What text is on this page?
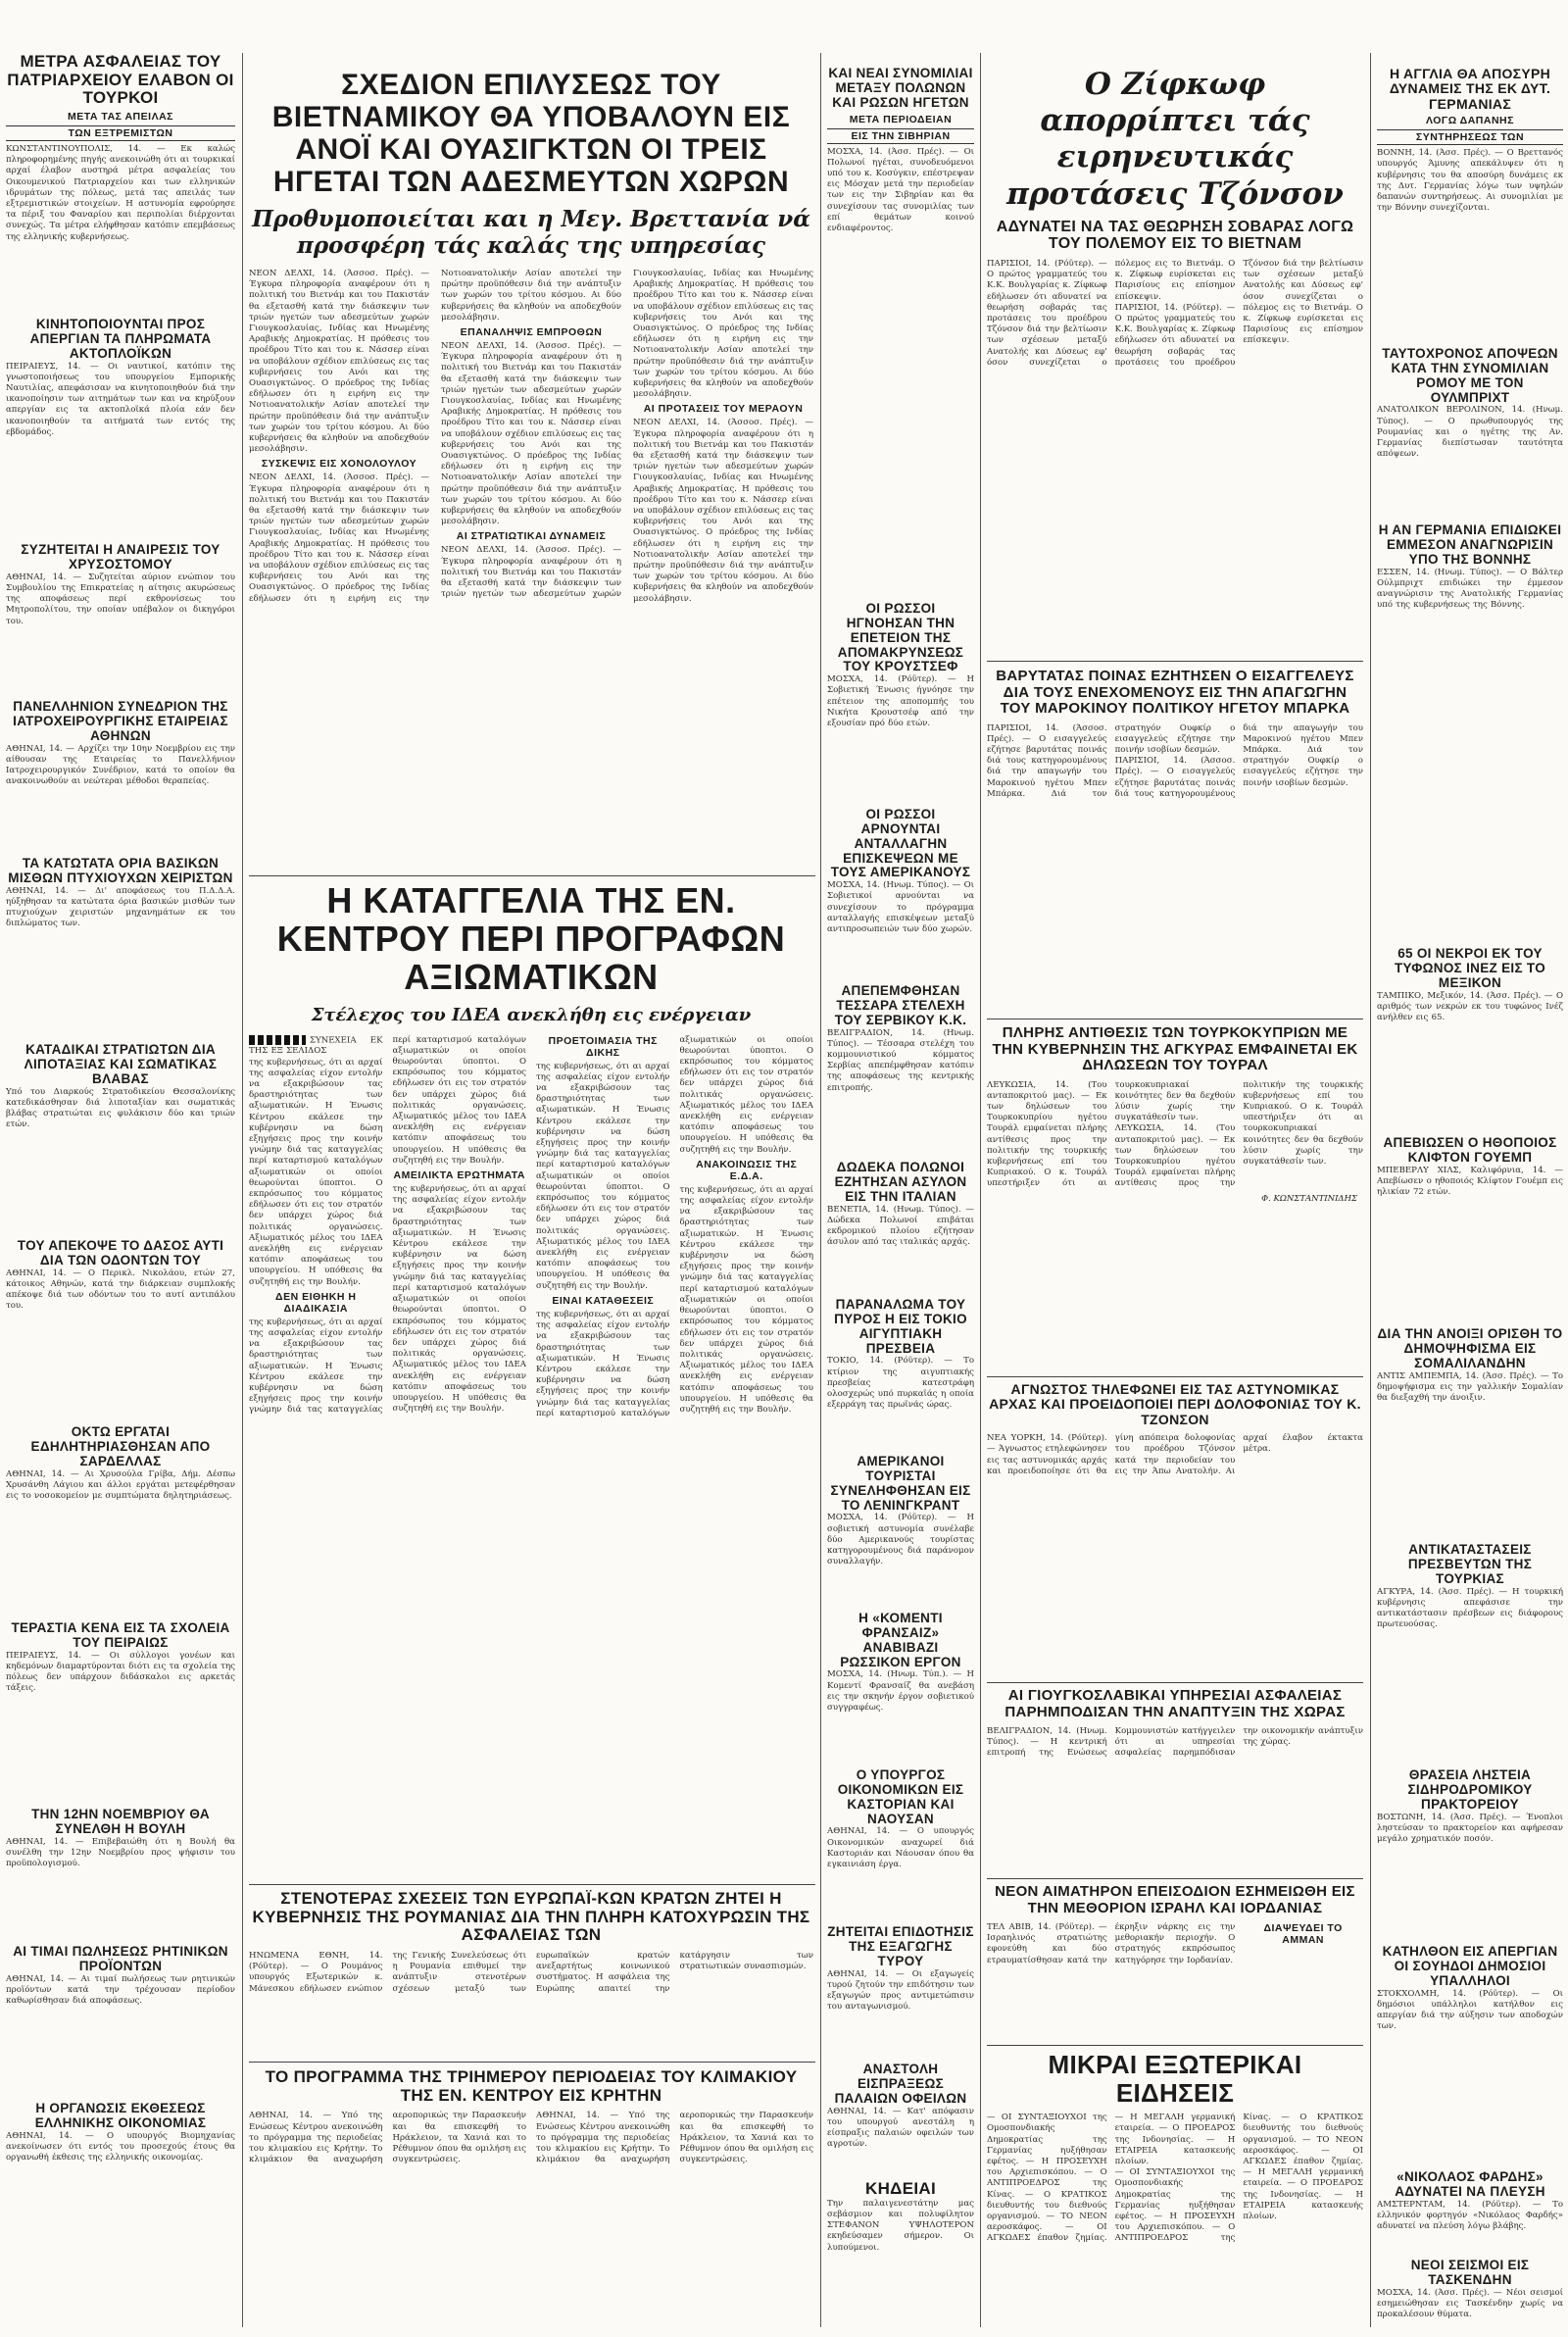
ΜΕΤΡΑ ΑΣΦΑΛΕΙΑΣ ΤΟΥ ΠΑΤΡΙΑΡΧΕΙΟΥ ΕΛΑΒΟΝ ΟΙ ΤΟΥΡΚΟΙ

ΜΕΤΑ ΤΑΣ ΑΠΕΙΛΑΣ

ΤΩΝ ΕΞΤΡΕΜΙΣΤΩΝ

ΚΩΝΣΤΑΝΤΙΝΟΥΠΟΛΙΣ, 14. — Εκ καλώς πληροφορημένης πηγής ανεκοινώθη ότι αι τουρκικαί αρχαί έλαβον αυστηρά μέτρα ασφαλείας του Οικουμενικού Πατριαρχείου και των ελληνικών ιδρυμάτων της πόλεως, μετά τας απειλάς των εξτρεμιστικών στοιχείων. Η αστυνομία εφρούρησε τα πέριξ του Φαναρίου και περιπολίαι διέρχονται συνεχώς. Τα μέτρα ελήφθησαν κατόπιν επεμβάσεως της ελληνικής κυβερνήσεως.

ΚΙΝΗΤΟΠΟΙΟΥΝΤΑΙ ΠΡΟΣ ΑΠΕΡΓΙΑΝ ΤΑ ΠΛΗΡΩΜΑΤΑ ΑΚΤΟΠΛΟΪΚΩΝ

ΠΕΙΡΑΙΕΥΣ, 14. — Οι ναυτικοί, κατόπιν της γνωστοποιήσεως του υπουργείου Εμπορικής Ναυτιλίας, απεφάσισαν να κινητοποιηθούν διά την ικανοποίησιν των αιτημάτων των και να κηρύξουν απεργίαν εις τα ακτοπλοϊκά πλοία εάν δεν ικανοποιηθούν τα αιτήματά των εντός της εβδομάδος.

ΣΥΖΗΤΕΙΤΑΙ Η ΑΝΑΙΡΕΣΙΣ ΤΟΥ ΧΡΥΣΟΣΤΟΜΟΥ

ΑΘΗΝΑΙ, 14. — Συζητείται αύριον ενώπιον του Συμβουλίου της Επικρατείας η αίτησις ακυρώσεως της αποφάσεως περί εκθρονίσεως του Μητροπολίτου, την οποίαν υπέβαλον οι δικηγόροι του.

ΠΑΝΕΛΛΗΝΙΟΝ ΣΥΝΕΔΡΙΟΝ ΤΗΣ ΙΑΤΡΟΧΕΙΡΟΥΡΓΙΚΗΣ ΕΤΑΙΡΕΙΑΣ ΑΘΗΝΩΝ

ΑΘΗΝΑΙ, 14. — Αρχίζει την 10ην Νοεμβρίου εις την αίθουσαν της Εταιρείας το Πανελλήνιον Ιατροχειρουργικόν Συνέδριον, κατά το οποίον θα ανακοινωθούν αι νεώτεραι μέθοδοι θεραπείας.

ΤΑ ΚΑΤΩΤΑΤΑ ΟΡΙΑ ΒΑΣΙΚΩΝ ΜΙΣΘΩΝ ΠΤΥΧΙΟΥΧΩΝ ΧΕΙΡΙΣΤΩΝ

ΑΘΗΝΑΙ, 14. — Δι' αποφάσεως του Π.Δ.Δ.Α. ηύξηθησαν τα κατώτατα όρια βασικών μισθών των πτυχιούχων χειριστών μηχανημάτων εκ του διπλώματος των.

ΚΑΤΑΔΙΚΑΙ ΣΤΡΑΤΙΩΤΩΝ ΔΙΑ ΛΙΠΟΤΑΞΙΑΣ ΚΑΙ ΣΩΜΑΤΙΚΑΣ ΒΛΑΒΑΣ

Υπό του Διαρκούς Στρατοδικείου Θεσσαλονίκης κατεδικάσθησαν διά λιποταξίαν και σωματικάς βλάβας στρατιώται εις φυλάκισιν δύο και τριών ετών.

ΤΟΥ ΑΠΕΚΟΨΕ ΤΟ ΔΑΣΟΣ ΑΥΤΙ ΔΙΑ ΤΩΝ ΟΔΟΝΤΩΝ ΤΟΥ

ΑΘΗΝΑΙ, 14. — Ο Περικλ. Νικολάου, ετών 27, κάτοικος Αθηνών, κατά την διάρκειαν συμπλοκής απέκοψε διά των οδόντων του το αυτί αντιπάλου του.

ΟΚΤΩ ΕΡΓΑΤΑΙ ΕΔΗΛΗΤΗΡΙΑΣΘΗΣΑΝ ΑΠΟ ΣΑΡΔΕΛΛΑΣ

ΑΘΗΝΑΙ, 14. — Αι Χρυσούλα Γρίβα, Δήμ. Δέσπω Χρυσάνθη Λάγιου και άλλοι εργάται μετεφέρθησαν εις το νοσοκομείον με συμπτώματα δηλητηριάσεως.

ΤΕΡΑΣΤΙΑ ΚΕΝΑ ΕΙΣ ΤΑ ΣΧΟΛΕΙΑ ΤΟΥ ΠΕΙΡΑΙΩΣ

ΠΕΙΡΑΙΕΥΣ, 14. — Οι σύλλογοι γονέων και κηδεμόνων διαμαρτύρονται διότι εις τα σχολεία της πόλεως δεν υπάρχουν διδάσκαλοι εις αρκετάς τάξεις.

ΤΗΝ 12ΗΝ ΝΟΕΜΒΡΙΟΥ ΘΑ ΣΥΝΕΛΘΗ Η ΒΟΥΛΗ

ΑΘΗΝΑΙ, 14. — Επιβεβαιώθη ότι η Βουλή θα συνέλθη την 12ην Νοεμβρίου προς ψήφισιν του προϋπολογισμού.

ΑΙ ΤΙΜΑΙ ΠΩΛΗΣΕΩΣ ΡΗΤΙΝΙΚΩΝ ΠΡΟΪΟΝΤΩΝ

ΑΘΗΝΑΙ, 14. — Αι τιμαί πωλήσεως των ρητινικών προϊόντων κατά την τρέχουσαν περίοδον καθωρίσθησαν διά αποφάσεως.

Η ΟΡΓΑΝΩΣΙΣ ΕΚΘΕΣΕΩΣ ΕΛΛΗΝΙΚΗΣ ΟΙΚΟΝΟΜΙΑΣ

ΑΘΗΝΑΙ, 14. — Ο υπουργός Βιομηχανίας ανεκοίνωσεν ότι εντός του προσεχούς έτους θα οργανωθή έκθεσις της ελληνικής οικονομίας.

ΣΧΕΔΙΟΝ ΕΠΙΛΥΣΕΩΣ ΤΟΥ ΒΙΕΤΝΑΜΙΚΟΥ ΘΑ ΥΠΟΒΑΛΟΥΝ ΕΙΣ ΑΝΟΪ ΚΑΙ ΟΥΑΣΙΓΚΤΩΝ ΟΙ ΤΡΕΙΣ ΗΓΕΤΑΙ ΤΩΝ ΑΔΕΣΜΕΥΤΩΝ ΧΩΡΩΝ

Προθυμοποιείται και η Μεγ. Βρεττανία νά προσφέρη τάς καλάς της υπηρεσίας

ΝΕΟΝ ΔΕΛΧΙ, 14. (Άσσοσ. Πρές). — Έγκυρα πληροφορία αναφέρουν ότι η πολιτική του Βιετνάμ και του Πακιστάν θα εξετασθή κατά την διάσκεψιν των τριών ηγετών των αδεσμεύτων χωρών Γιουγκοσλαυίας, Ινδίας και Ηνωμένης Αραβικής Δημοκρατίας. Η πρόθεσις του προέδρου Τίτο και του κ. Νάσσερ είναι να υποβάλουν σχέδιον επιλύσεως εις τας κυβερνήσεις του Ανόι και της Ουασιγκτώνος. Ο πρόεδρος της Ινδίας εδήλωσεν ότι η ειρήνη εις την Νοτιοανατολικήν Ασίαν αποτελεί την πρώτην προϋπόθεσιν διά την ανάπτυξιν των χωρών του τρίτου κόσμου. Αι δύο κυβερνήσεις θα κληθούν να αποδεχθούν μεσολάβησιν.

ΣΥΣΚΕΨΙΣ ΕΙΣ ΧΟΝΟΛΟΥΛΟΥ

ΝΕΟΝ ΔΕΛΧΙ, 14. (Άσσοσ. Πρές). — Έγκυρα πληροφορία αναφέρουν ότι η πολιτική του Βιετνάμ και του Πακιστάν θα εξετασθή κατά την διάσκεψιν των τριών ηγετών των αδεσμεύτων χωρών Γιουγκοσλαυίας, Ινδίας και Ηνωμένης Αραβικής Δημοκρατίας. Η πρόθεσις του προέδρου Τίτο και του κ. Νάσσερ είναι να υποβάλουν σχέδιον επιλύσεως εις τας κυβερνήσεις του Ανόι και της Ουασιγκτώνος. Ο πρόεδρος της Ινδίας εδήλωσεν ότι η ειρήνη εις την Νοτιοανατολικήν Ασίαν αποτελεί την πρώτην προϋπόθεσιν διά την ανάπτυξιν των χωρών του τρίτου κόσμου. Αι δύο κυβερνήσεις θα κληθούν να αποδεχθούν μεσολάβησιν.

ΕΠΑΝΑΛΗΨΙΣ ΕΜΠΡΟΘΩΝ

ΝΕΟΝ ΔΕΛΧΙ, 14. (Άσσοσ. Πρές). — Έγκυρα πληροφορία αναφέρουν ότι η πολιτική του Βιετνάμ και του Πακιστάν θα εξετασθή κατά την διάσκεψιν των τριών ηγετών των αδεσμεύτων χωρών Γιουγκοσλαυίας, Ινδίας και Ηνωμένης Αραβικής Δημοκρατίας. Η πρόθεσις του προέδρου Τίτο και του κ. Νάσσερ είναι να υποβάλουν σχέδιον επιλύσεως εις τας κυβερνήσεις του Ανόι και της Ουασιγκτώνος. Ο πρόεδρος της Ινδίας εδήλωσεν ότι η ειρήνη εις την Νοτιοανατολικήν Ασίαν αποτελεί την πρώτην προϋπόθεσιν διά την ανάπτυξιν των χωρών του τρίτου κόσμου. Αι δύο κυβερνήσεις θα κληθούν να αποδεχθούν μεσολάβησιν.

ΑΙ ΣΤΡΑΤΙΩΤΙΚΑΙ ΔΥΝΑΜΕΙΣ

ΝΕΟΝ ΔΕΛΧΙ, 14. (Άσσοσ. Πρές). — Έγκυρα πληροφορία αναφέρουν ότι η πολιτική του Βιετνάμ και του Πακιστάν θα εξετασθή κατά την διάσκεψιν των τριών ηγετών των αδεσμεύτων χωρών Γιουγκοσλαυίας, Ινδίας και Ηνωμένης Αραβικής Δημοκρατίας. Η πρόθεσις του προέδρου Τίτο και του κ. Νάσσερ είναι να υποβάλουν σχέδιον επιλύσεως εις τας κυβερνήσεις του Ανόι και της Ουασιγκτώνος. Ο πρόεδρος της Ινδίας εδήλωσεν ότι η ειρήνη εις την Νοτιοανατολικήν Ασίαν αποτελεί την πρώτην προϋπόθεσιν διά την ανάπτυξιν των χωρών του τρίτου κόσμου. Αι δύο κυβερνήσεις θα κληθούν να αποδεχθούν μεσολάβησιν.

ΑΙ ΠΡΟΤΑΣΕΙΣ ΤΟΥ ΜΕΡΑΟΥΝ

ΝΕΟΝ ΔΕΛΧΙ, 14. (Άσσοσ. Πρές). — Έγκυρα πληροφορία αναφέρουν ότι η πολιτική του Βιετνάμ και του Πακιστάν θα εξετασθή κατά την διάσκεψιν των τριών ηγετών των αδεσμεύτων χωρών Γιουγκοσλαυίας, Ινδίας και Ηνωμένης Αραβικής Δημοκρατίας. Η πρόθεσις του προέδρου Τίτο και του κ. Νάσσερ είναι να υποβάλουν σχέδιον επιλύσεως εις τας κυβερνήσεις του Ανόι και της Ουασιγκτώνος. Ο πρόεδρος της Ινδίας εδήλωσεν ότι η ειρήνη εις την Νοτιοανατολικήν Ασίαν αποτελεί την πρώτην προϋπόθεσιν διά την ανάπτυξιν των χωρών του τρίτου κόσμου. Αι δύο κυβερνήσεις θα κληθούν να αποδεχθούν μεσολάβησιν.

Η ΚΑΤΑΓΓΕΛΙΑ ΤΗΣ ΕΝ. ΚΕΝΤΡΟΥ ΠΕΡΙ ΠΡΟΓΡΑΦΩΝ ΑΞΙΩΜΑΤΙΚΩΝ

Στέλεχος του ΙΔΕΑ ανεκλήθη εις ενέργειαν

ΣΥΝΕΧΕΙΑ ΕΚ ΤΗΣ ΕΞ ΣΕΛΙΔΟΣ

της κυβερνήσεως, ότι αι αρχαί της ασφαλείας είχον εντολήν να εξακριβώσουν τας δραστηριότητας των αξιωματικών. Η Ένωσις Κέντρου εκάλεσε την κυβέρνησιν να δώση εξηγήσεις προς την κοινήν γνώμην διά τας καταγγελίας περί καταρτισμού καταλόγων αξιωματικών οι οποίοι θεωρούνται ύποπτοι. Ο εκπρόσωπος του κόμματος εδήλωσεν ότι εις τον στρατόν δεν υπάρχει χώρος διά πολιτικάς οργανώσεις. Αξιωματικός μέλος του ΙΔΕΑ ανεκλήθη εις ενέργειαν κατόπιν αποφάσεως του υπουργείου. Η υπόθεσις θα συζητηθή εις την Βουλήν.

ΔΕΝ ΕΙΘΗΚΗ Η ΔΙΑΔΙΚΑΣΙΑ

της κυβερνήσεως, ότι αι αρχαί της ασφαλείας είχον εντολήν να εξακριβώσουν τας δραστηριότητας των αξιωματικών. Η Ένωσις Κέντρου εκάλεσε την κυβέρνησιν να δώση εξηγήσεις προς την κοινήν γνώμην διά τας καταγγελίας περί καταρτισμού καταλόγων αξιωματικών οι οποίοι θεωρούνται ύποπτοι. Ο εκπρόσωπος του κόμματος εδήλωσεν ότι εις τον στρατόν δεν υπάρχει χώρος διά πολιτικάς οργανώσεις. Αξιωματικός μέλος του ΙΔΕΑ ανεκλήθη εις ενέργειαν κατόπιν αποφάσεως του υπουργείου. Η υπόθεσις θα συζητηθή εις την Βουλήν.

ΑΜΕΙΛΙΚΤΑ ΕΡΩΤΗΜΑΤΑ

της κυβερνήσεως, ότι αι αρχαί της ασφαλείας είχον εντολήν να εξακριβώσουν τας δραστηριότητας των αξιωματικών. Η Ένωσις Κέντρου εκάλεσε την κυβέρνησιν να δώση εξηγήσεις προς την κοινήν γνώμην διά τας καταγγελίας περί καταρτισμού καταλόγων αξιωματικών οι οποίοι θεωρούνται ύποπτοι. Ο εκπρόσωπος του κόμματος εδήλωσεν ότι εις τον στρατόν δεν υπάρχει χώρος διά πολιτικάς οργανώσεις. Αξιωματικός μέλος του ΙΔΕΑ ανεκλήθη εις ενέργειαν κατόπιν αποφάσεως του υπουργείου. Η υπόθεσις θα συζητηθή εις την Βουλήν.

ΠΡΟΕΤΟΙΜΑΣΙΑ ΤΗΣ ΔΙΚΗΣ

της κυβερνήσεως, ότι αι αρχαί της ασφαλείας είχον εντολήν να εξακριβώσουν τας δραστηριότητας των αξιωματικών. Η Ένωσις Κέντρου εκάλεσε την κυβέρνησιν να δώση εξηγήσεις προς την κοινήν γνώμην διά τας καταγγελίας περί καταρτισμού καταλόγων αξιωματικών οι οποίοι θεωρούνται ύποπτοι. Ο εκπρόσωπος του κόμματος εδήλωσεν ότι εις τον στρατόν δεν υπάρχει χώρος διά πολιτικάς οργανώσεις. Αξιωματικός μέλος του ΙΔΕΑ ανεκλήθη εις ενέργειαν κατόπιν αποφάσεως του υπουργείου. Η υπόθεσις θα συζητηθή εις την Βουλήν.

ΕΙΝΑΙ ΚΑΤΑΘΕΣΕΙΣ

της κυβερνήσεως, ότι αι αρχαί της ασφαλείας είχον εντολήν να εξακριβώσουν τας δραστηριότητας των αξιωματικών. Η Ένωσις Κέντρου εκάλεσε την κυβέρνησιν να δώση εξηγήσεις προς την κοινήν γνώμην διά τας καταγγελίας περί καταρτισμού καταλόγων αξιωματικών οι οποίοι θεωρούνται ύποπτοι. Ο εκπρόσωπος του κόμματος εδήλωσεν ότι εις τον στρατόν δεν υπάρχει χώρος διά πολιτικάς οργανώσεις. Αξιωματικός μέλος του ΙΔΕΑ ανεκλήθη εις ενέργειαν κατόπιν αποφάσεως του υπουργείου. Η υπόθεσις θα συζητηθή εις την Βουλήν.

ΑΝΑΚΟΙΝΩΣΙΣ ΤΗΣ Ε.Δ.Α.

της κυβερνήσεως, ότι αι αρχαί της ασφαλείας είχον εντολήν να εξακριβώσουν τας δραστηριότητας των αξιωματικών. Η Ένωσις Κέντρου εκάλεσε την κυβέρνησιν να δώση εξηγήσεις προς την κοινήν γνώμην διά τας καταγγελίας περί καταρτισμού καταλόγων αξιωματικών οι οποίοι θεωρούνται ύποπτοι. Ο εκπρόσωπος του κόμματος εδήλωσεν ότι εις τον στρατόν δεν υπάρχει χώρος διά πολιτικάς οργανώσεις. Αξιωματικός μέλος του ΙΔΕΑ ανεκλήθη εις ενέργειαν κατόπιν αποφάσεως του υπουργείου. Η υπόθεσις θα συζητηθή εις την Βουλήν.

ΣΤΕΝΟΤΕΡΑΣ ΣΧΕΣΕΙΣ ΤΩΝ ΕΥΡΩΠΑΪ-ΚΩΝ ΚΡΑΤΩΝ ΖΗΤΕΙ Η ΚΥΒΕΡΝΗΣΙΣ ΤΗΣ ΡΟΥΜΑΝΙΑΣ ΔΙΑ ΤΗΝ ΠΛΗΡΗ ΚΑΤΟΧΥΡΩΣΙΝ ΤΗΣ ΑΣΦΑΛΕΙΑΣ ΤΩΝ

ΗΝΩΜΕΝΑ ΕΘΝΗ, 14. (Ρόϋτερ). — Ο Ρουμάνος υπουργός Εξωτερικών κ. Μάνεσκου εδήλωσεν ενώπιον της Γενικής Συνελεύσεως ότι η Ρουμανία επιθυμεί την ανάπτυξιν στενοτέρων σχέσεων μεταξύ των ευρωπαϊκών κρατών ανεξαρτήτως κοινωνικού συστήματος. Η ασφάλεια της Ευρώπης απαιτεί την κατάργησιν των στρατιωτικών συνασπισμών.

ΤΟ ΠΡΟΓΡΑΜΜΑ ΤΗΣ ΤΡΙΗΜΕΡΟΥ ΠΕΡΙΟΔΕΙΑΣ ΤΟΥ ΚΛΙΜΑΚΙΟΥ ΤΗΣ ΕΝ. ΚΕΝΤΡΟΥ ΕΙΣ ΚΡΗΤΗΝ

ΑΘΗΝΑΙ, 14. — Υπό της Ενώσεως Κέντρου ανεκοινώθη το πρόγραμμα της περιοδείας του κλιμακίου εις Κρήτην. Το κλιμάκιον θα αναχωρήση αεροπορικώς την Παρασκευήν και θα επισκεφθή το Ηράκλειον, τα Χανιά και το Ρέθυμνον όπου θα ομιλήση εις συγκεντρώσεις.

ΑΘΗΝΑΙ, 14. — Υπό της Ενώσεως Κέντρου ανεκοινώθη το πρόγραμμα της περιοδείας του κλιμακίου εις Κρήτην. Το κλιμάκιον θα αναχωρήση αεροπορικώς την Παρασκευήν και θα επισκεφθή το Ηράκλειον, τα Χανιά και το Ρέθυμνον όπου θα ομιλήση εις συγκεντρώσεις.

ΚΑΙ ΝΕΑΙ ΣΥΝΟΜΙΛΙΑΙ ΜΕΤΑΞΥ ΠΟΛΩΝΩΝ ΚΑΙ ΡΩΣΩΝ ΗΓΕΤΩΝ

ΜΕΤΑ ΠΕΡΙΟΔΕΙΑΝ

ΕΙΣ ΤΗΝ ΣΙΒΗΡΙΑΝ

ΜΟΣΧΑ, 14. (Άσσ. Πρές). — Οι Πολωνοί ηγέται, συνοδευόμενοι υπό του κ. Κοσύγκιν, επέστρεψαν εις Μόσχαν μετά την περιοδείαν των εις την Σιβηρίαν και θα συνεχίσουν τας συνομιλίας των επί θεμάτων κοινού ενδιαφέροντος.

ΟΙ ΡΩΣΣΟΙ ΗΓΝΟΗΣΑΝ ΤΗΝ ΕΠΕΤΕΙΟΝ ΤΗΣ ΑΠΟΜΑΚΡΥΝΣΕΩΣ ΤΟΥ ΚΡΟΥΣΤΣΕΦ

ΜΟΣΧΑ, 14. (Ρόϋτερ). — Η Σοβιετική Ένωσις ήγνόησε την επέτειον της αποπομπής του Νικήτα Κρουστσέφ από την εξουσίαν πρό δύο ετών.

ΟΙ ΡΩΣΣΟΙ ΑΡΝΟΥΝΤΑΙ ΑΝΤΑΛΛΑΓΗΝ ΕΠΙΣΚΕΨΕΩΝ ΜΕ ΤΟΥΣ ΑΜΕΡΙΚΑΝΟΥΣ

ΜΟΣΧΑ, 14. (Ηνωμ. Τύπος). — Οι Σοβιετικοί αρνούνται να συνεχίσουν το πρόγραμμα ανταλλαγής επισκέψεων μεταξύ αντιπροσωπειών των δύο χωρών.

ΑΠΕΠΕΜΦΘΗΣΑΝ ΤΕΣΣΑΡΑ ΣΤΕΛΕΧΗ ΤΟΥ ΣΕΡΒΙΚΟΥ Κ.Κ.

ΒΕΛΙΓΡΑΔΙΟΝ, 14. (Ηνωμ. Τύπος). — Τέσσαρα στελέχη του κομμουνιστικού κόμματος Σερβίας απεπέμφθησαν κατόπιν της αποφάσεως της κεντρικής επιτροπής.

ΔΩΔΕΚΑ ΠΟΛΩΝΟΙ ΕΖΗΤΗΣΑΝ ΑΣΥΛΟΝ ΕΙΣ ΤΗΝ ΙΤΑΛΙΑΝ

ΒΕΝΕΤΙΑ, 14. (Ηνωμ. Τύπος). — Δώδεκα Πολωνοί επιβάται εκδρομικού πλοίου εζήτησαν άσυλον από τας ιταλικάς αρχάς.

ΠΑΡΑΝΑΛΩΜΑ ΤΟΥ ΠΥΡΟΣ Η ΕΙΣ ΤΟΚΙΟ ΑΙΓΥΠΤΙΑΚΗ ΠΡΕΣΒΕΙΑ

ΤΟΚΙΟ, 14. (Ρόϋτερ). — Το κτίριον της αιγυπτιακής πρεσβείας κατεστράφη ολοσχερώς υπό πυρκαϊάς η οποία εξερράγη τας πρωϊνάς ώρας.

ΑΜΕΡΙΚΑΝΟΙ ΤΟΥΡΙΣΤΑΙ ΣΥΝΕΛΗΦΘΗΣΑΝ ΕΙΣ ΤΟ ΛΕΝΙΝΓΚΡΑΝΤ

ΜΟΣΧΑ, 14. (Ρόϋτερ). — Η σοβιετική αστυνομία συνέλαβε δύο Αμερικανούς τουρίστας κατηγορουμένους διά παράνομον συναλλαγήν.

Η «ΚΟΜΕΝΤΙ ΦΡΑΝΣΑΙΖ» ΑΝΑΒΙΒΑΖΙ ΡΩΣΣΙΚΟΝ ΕΡΓΟΝ

ΜΟΣΧΑ, 14. (Ηνωμ. Τύπ.). — Η Κομεντί Φρανσαίζ θα ανεβάση εις την σκηνήν έργον σοβιετικού συγγραφέως.

Ο ΥΠΟΥΡΓΟΣ ΟΙΚΟΝΟΜΙΚΩΝ ΕΙΣ ΚΑΣΤΟΡΙΑΝ ΚΑΙ ΝΑΟΥΣΑΝ

ΑΘΗΝΑΙ, 14. — Ο υπουργός Οικονομικών αναχωρεί διά Καστοριάν και Νάουσαν όπου θα εγκαινιάση έργα.

ΖΗΤΕΙΤΑΙ ΕΠΙΔΟΤΗΣΙΣ ΤΗΣ ΕΞΑΓΩΓΗΣ ΤΥΡΟΥ

ΑΘΗΝΑΙ, 14. — Οι εξαγωγείς τυρού ζητούν την επιδότησιν των εξαγωγών προς αντιμετώπισιν του ανταγωνισμού.

ΑΝΑΣΤΟΛΗ ΕΙΣΠΡΑΞΕΩΣ ΠΑΛΑΙΩΝ ΟΦΕΙΛΩΝ

ΑΘΗΝΑΙ, 14. — Κατ' απόφασιν του υπουργού ανεστάλη η είσπραξις παλαιών οφειλών των αγροτών.

ΚΗΔΕΙΑΙ

Την παλαιγενεστάτην μας σεβάσμιον και πολυφίλητον ΣΤΕΦΑΝΟΝ ΥΨΗΛΟΤΕΡΟΝ εκηδεύσαμεν σήμερον. Οι λυπούμενοι.

Ο Ζίφκωφ απορρίπτει τάς ειρηνευτικάς προτάσεις Τζόνσον

ΑΔΥΝΑΤΕΙ ΝΑ ΤΑΣ ΘΕΩΡΗΣΗ ΣΟΒΑΡΑΣ ΛΟΓΩ ΤΟΥ ΠΟΛΕΜΟΥ ΕΙΣ ΤΟ ΒΙΕΤΝΑΜ

ΠΑΡΙΣΙΟΙ, 14. (Ρόϋτερ). — Ο πρώτος γραμματεύς του Κ.Κ. Βουλγαρίας κ. Ζίφκωφ εδήλωσεν ότι αδυνατεί να θεωρήση σοβαράς τας προτάσεις του προέδρου Τζόνσον διά την βελτίωσιν των σχέσεων μεταξύ Ανατολής και Δύσεως εφ' όσον συνεχίζεται ο πόλεμος εις το Βιετνάμ. Ο κ. Ζίφκωφ ευρίσκεται εις Παρισίους εις επίσημον επίσκεψιν.

ΠΑΡΙΣΙΟΙ, 14. (Ρόϋτερ). — Ο πρώτος γραμματεύς του Κ.Κ. Βουλγαρίας κ. Ζίφκωφ εδήλωσεν ότι αδυνατεί να θεωρήση σοβαράς τας προτάσεις του προέδρου Τζόνσον διά την βελτίωσιν των σχέσεων μεταξύ Ανατολής και Δύσεως εφ' όσον συνεχίζεται ο πόλεμος εις το Βιετνάμ. Ο κ. Ζίφκωφ ευρίσκεται εις Παρισίους εις επίσημον επίσκεψιν.

ΒΑΡΥΤΑΤΑΣ ΠΟΙΝΑΣ ΕΖΗΤΗΣΕΝ Ο ΕΙΣΑΓΓΕΛΕΥΣ ΔΙΑ ΤΟΥΣ ΕΝΕΧΟΜΕΝΟΥΣ ΕΙΣ ΤΗΝ ΑΠΑΓΩΓΗΝ ΤΟΥ ΜΑΡΟΚΙΝΟΥ ΠΟΛΙΤΙΚΟΥ ΗΓΕΤΟΥ ΜΠΑΡΚΑ

ΠΑΡΙΣΙΟΙ, 14. (Άσσοσ. Πρές). — Ο εισαγγελεύς εζήτησε βαρυτάτας ποινάς διά τους κατηγορουμένους διά την απαγωγήν του Μαροκινού ηγέτου Μπεν Μπάρκα. Διά τον στρατηγόν Ουφκίρ ο εισαγγελεύς εζήτησε την ποινήν ισοβίων δεσμών.

ΠΑΡΙΣΙΟΙ, 14. (Άσσοσ. Πρές). — Ο εισαγγελεύς εζήτησε βαρυτάτας ποινάς διά τους κατηγορουμένους διά την απαγωγήν του Μαροκινού ηγέτου Μπεν Μπάρκα. Διά τον στρατηγόν Ουφκίρ ο εισαγγελεύς εζήτησε την ποινήν ισοβίων δεσμών.

ΠΛΗΡΗΣ ΑΝΤΙΘΕΣΙΣ ΤΩΝ ΤΟΥΡΚΟΚΥΠΡΙΩΝ ΜΕ ΤΗΝ ΚΥΒΕΡΝΗΣΙΝ ΤΗΣ ΑΓΚΥΡΑΣ ΕΜΦΑΙΝΕΤΑΙ ΕΚ ΔΗΛΩΣΕΩΝ ΤΟΥ ΤΟΥΡΑΛ

ΛΕΥΚΩΣΙΑ, 14. (Του ανταποκριτού μας). — Εκ των δηλώσεων του Τουρκοκυπρίου ηγέτου Τουράλ εμφαίνεται πλήρης αντίθεσις προς την πολιτικήν της τουρκικής κυβερνήσεως επί του Κυπριακού. Ο κ. Τουράλ υπεστήριξεν ότι αι τουρκοκυπριακαί κοινότητες δεν θα δεχθούν λύσιν χωρίς την συγκατάθεσίν των.

ΛΕΥΚΩΣΙΑ, 14. (Του ανταποκριτού μας). — Εκ των δηλώσεων του Τουρκοκυπρίου ηγέτου Τουράλ εμφαίνεται πλήρης αντίθεσις προς την πολιτικήν της τουρκικής κυβερνήσεως επί του Κυπριακού. Ο κ. Τουράλ υπεστήριξεν ότι αι τουρκοκυπριακαί κοινότητες δεν θα δεχθούν λύσιν χωρίς την συγκατάθεσίν των.

Φ. ΚΩΝΣΤΑΝΤΙΝΙΔΗΣ

ΑΓΝΩΣΤΟΣ ΤΗΛΕΦΩΝΕΙ ΕΙΣ ΤΑΣ ΑΣΤΥΝΟΜΙΚΑΣ ΑΡΧΑΣ ΚΑΙ ΠΡΟΕΙΔΟΠΟΙΕΙ ΠΕΡΙ ΔΟΛΟΦΟΝΙΑΣ ΤΟΥ Κ. ΤΖΟΝΣΟΝ

ΝΕΑ ΥΟΡΚΗ, 14. (Ρόϋτερ). — Άγνωστος ετηλεφώνησεν εις τας αστυνομικάς αρχάς και προειδοποίησε ότι θα γίνη απόπειρα δολοφονίας του προέδρου Τζόνσον κατά την περιοδείαν του εις την Άπω Ανατολήν. Αι αρχαί έλαβον έκτακτα μέτρα.

ΑΙ ΓΙΟΥΓΚΟΣΛΑΒΙΚΑΙ ΥΠΗΡΕΣΙΑΙ ΑΣΦΑΛΕΙΑΣ ΠΑΡΗΜΠΟΔΙΣΑΝ ΤΗΝ ΑΝΑΠΤΥΞΙΝ ΤΗΣ ΧΩΡΑΣ

ΒΕΛΙΓΡΑΔΙΟΝ, 14. (Ηνωμ. Τύπος). — Η κεντρική επιτροπή της Ενώσεως Κομμουνιστών κατήγγειλεν ότι αι υπηρεσίαι ασφαλείας παρημπόδισαν την οικονομικήν ανάπτυξιν της χώρας.

ΝΕΟΝ ΑΙΜΑΤΗΡΟΝ ΕΠΕΙΣΟΔΙΟΝ ΕΣΗΜΕΙΩΘΗ ΕΙΣ ΤΗΝ ΜΕΘΟΡΙΟΝ ΙΣΡΑΗΛ ΚΑΙ ΙΟΡΔΑΝΙΑΣ

ΤΕΛ ΑΒΙΒ, 14. (Ρόϋτερ). — Ισραηλινός στρατιώτης εφονεύθη και δύο ετραυματίσθησαν κατά την έκρηξιν νάρκης εις την μεθοριακήν περιοχήν. Ο στρατηγός εκπρόσωπος κατηγόρησε την Ιορδανίαν.

ΔΙΑΨΕΥΔΕΙ ΤΟ ΑΜΜΑΝ

ΜΙΚΡΑΙ ΕΞΩΤΕΡΙΚΑΙ ΕΙΔΗΣΕΙΣ

— ΟΙ ΣΥΝΤΑΞΙΟΥΧΟΙ της Ομοσπονδιακής Δημοκρατίας της Γερμανίας ηυξήθησαν εφέτος. — Η ΠΡΟΣΕΥΧΗ του Αρχιεπισκόπου. — Ο ΑΝΤΙΠΡΟΕΔΡΟΣ της Κίνας. — Ο ΚΡΑΤΙΚΟΣ διευθυντής του διεθνούς οργανισμού. — ΤΟ ΝΕΟΝ αεροσκάφος. — ΟΙ ΑΓΚΩΔΕΣ έπαθον ζημίας. — Η ΜΕΓΑΛΗ γερμανική εταιρεία. — Ο ΠΡΟΕΔΡΟΣ της Ινδονησίας. — Η ΕΤΑΙΡΕΙΑ κατασκευής πλοίων.

— ΟΙ ΣΥΝΤΑΞΙΟΥΧΟΙ της Ομοσπονδιακής Δημοκρατίας της Γερμανίας ηυξήθησαν εφέτος. — Η ΠΡΟΣΕΥΧΗ του Αρχιεπισκόπου. — Ο ΑΝΤΙΠΡΟΕΔΡΟΣ της Κίνας. — Ο ΚΡΑΤΙΚΟΣ διευθυντής του διεθνούς οργανισμού. — ΤΟ ΝΕΟΝ αεροσκάφος. — ΟΙ ΑΓΚΩΔΕΣ έπαθον ζημίας. — Η ΜΕΓΑΛΗ γερμανική εταιρεία. — Ο ΠΡΟΕΔΡΟΣ της Ινδονησίας. — Η ΕΤΑΙΡΕΙΑ κατασκευής πλοίων.

Η ΑΓΓΛΙΑ ΘΑ ΑΠΟΣΥΡΗ ΔΥΝΑΜΕΙΣ ΤΗΣ ΕΚ ΔΥΤ. ΓΕΡΜΑΝΙΑΣ

ΛΟΓΩ ΔΑΠΑΝΗΣ

ΣΥΝΤΗΡΗΣΕΩΣ ΤΩΝ

ΒΟΝΝΗ, 14. (Άσσ. Πρές). — Ο Βρεττανός υπουργός Άμυνης απεκάλυψεν ότι η κυβέρνησις του θα αποσύρη δυνάμεις εκ της Δυτ. Γερμανίας λόγω των υψηλών δαπανών συντηρήσεως. Αι συνομιλίαι με την Βόννην συνεχίζονται.

ΤΑΥΤΟΧΡΟΝΟΣ ΑΠΟΨΕΩΝ ΚΑΤΑ ΤΗΝ ΣΥΝΟΜΙΛΙΑΝ ΡΟΜΟΥ ΜΕ ΤΟΝ ΟΥΛΜΠΡΙΧΤ

ΑΝΑΤΟΛΙΚΟΝ ΒΕΡΟΛΙΝΟΝ, 14. (Ηνωμ. Τύπος). — Ο πρωθυπουργός της Ρουμανίας και ο ηγέτης της Αν. Γερμανίας διεπίστωσαν ταυτότητα απόψεων.

Η ΑΝ ΓΕΡΜΑΝΙΑ ΕΠΙΔΙΩΚΕΙ ΕΜΜΕΣΟΝ ΑΝΑΓΝΩΡΙΣΙΝ ΥΠΟ ΤΗΣ ΒΟΝΝΗΣ

ΕΣΣΕΝ, 14. (Ηνωμ. Τύπος). — Ο Βάλτερ Ούλμπριχτ επιδιώκει την έμμεσον αναγνώρισιν της Ανατολικής Γερμανίας υπό της κυβερνήσεως της Βόννης.

65 ΟΙ ΝΕΚΡΟΙ ΕΚ ΤΟΥ ΤΥΦΩΝΟΣ ΙΝΕΖ ΕΙΣ ΤΟ ΜΕΞΙΚΟΝ

ΤΑΜΠΙΚΟ, Μεξικόν, 14. (Άσσ. Πρές). — Ο αριθμός των νεκρών εκ του τυφώνος Ινέζ ανήλθεν εις 65.

ΑΠΕΒΙΩΣΕΝ Ο ΗΘΟΠΟΙΟΣ ΚΛΙΦΤΟΝ ΓΟΥΕΜΠ

ΜΠΕΒΕΡΛΥ ΧΙΛΣ, Καλιφόρνια, 14. — Απεβίωσεν ο ηθοποιός Κλίφτον Γουέμπ εις ηλικίαν 72 ετών.

ΔΙΑ ΤΗΝ ΑΝΟΙΞΙ ΟΡΙΣΘΗ ΤΟ ΔΗΜΟΨΗΦΙΣΜΑ ΕΙΣ ΣΟΜΑΛΙΛΑΝΔΗΝ

ΑΝΤΙΣ ΑΜΠΕΜΠΑ, 14. (Άσσ. Πρές). — Το δημοψήφισμα εις την γαλλικήν Σομαλίαν θα διεξαχθή την άνοιξιν.

ΑΝΤΙΚΑΤΑΣΤΑΣΕΙΣ ΠΡΕΣΒΕΥΤΩΝ ΤΗΣ ΤΟΥΡΚΙΑΣ

ΑΓΚΥΡΑ, 14. (Άσσ. Πρές). — Η τουρκική κυβέρνησις απεφάσισε την αντικατάστασιν πρέσβεων εις διάφορους πρωτευούσας.

ΘΡΑΣΕΙΑ ΛΗΣΤΕΙΑ ΣΙΔΗΡΟΔΡΟΜΙΚΟΥ ΠΡΑΚΤΟΡΕΙΟΥ

ΒΟΣΤΩΝΗ, 14. (Άσσ. Πρές). — Ένοπλοι ληστεύσαν το πρακτορείον και αφήρεσαν μεγάλο χρηματικόν ποσόν.

ΚΑΤΗΛΘΟΝ ΕΙΣ ΑΠΕΡΓΙΑΝ ΟΙ ΣΟΥΗΔΟΙ ΔΗΜΟΣΙΟΙ ΥΠΑΛΛΗΛΟΙ

ΣΤΟΚΧΟΛΜΗ, 14. (Ρόϋτερ). — Οι δημόσιοι υπάλληλοι κατήλθον εις απεργίαν διά την αύξησιν των αποδοχών των.

«ΝΙΚΟΛΑΟΣ ΦΑΡΔΗΣ» ΑΔΥΝΑΤΕΙ ΝΑ ΠΛΕΥΣΗ

ΑΜΣΤΕΡΝΤΑΜ, 14. (Ρόϋτερ). — Το ελληνικόν φορτηγόν «Νικόλαος Φαρδής» αδυνατεί να πλεύση λόγω βλάβης.

ΝΕΟΙ ΣΕΙΣΜΟΙ ΕΙΣ ΤΑΣΚΕΝΔΗΝ

ΜΟΣΧΑ, 14. (Άσσ. Πρές). — Νέοι σεισμοί εσημειώθησαν εις Τασκένδην χωρίς να προκαλέσουν θύματα.
